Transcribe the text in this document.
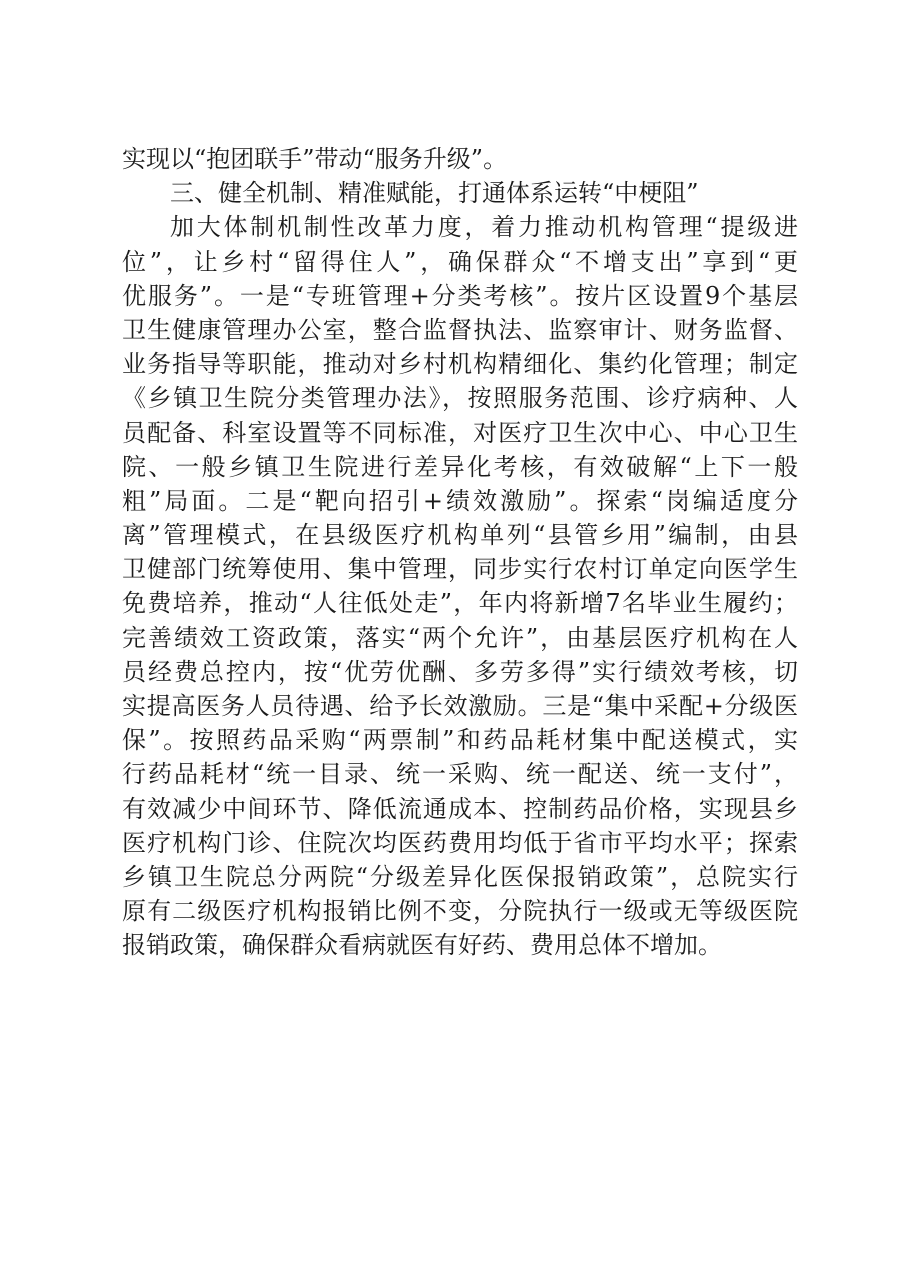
实现以“抱团联手”带动“服务升级”。
三、健全机制、精准赋能，打通体系运转“中梗阻”
加大体制机制性改革力度，着力推动机构管理“提级进
位”，让乡村“留得住人”，确保群众“不增支出”享到“更
优服务”。一是“专班管理+分类考核”。按片区设置9个基层
卫生健康管理办公室，整合监督执法、监察审计、财务监督、
业务指导等职能，推动对乡村机构精细化、集约化管理；制定
《乡镇卫生院分类管理办法》，按照服务范围、诊疗病种、人
员配备、科室设置等不同标准，对医疗卫生次中心、中心卫生
院、一般乡镇卫生院进行差异化考核，有效破解“上下一般
粗”局面。二是“靶向招引+绩效激励”。探索“岗编适度分
离”管理模式，在县级医疗机构单列“县管乡用”编制，由县
卫健部门统筹使用、集中管理，同步实行农村订单定向医学生
免费培养，推动“人往低处走”，年内将新增7名毕业生履约；
完善绩效工资政策，落实“两个允许”，由基层医疗机构在人
员经费总控内，按“优劳优酬、多劳多得”实行绩效考核，切
实提高医务人员待遇、给予长效激励。三是“集中采配+分级医
保”。按照药品采购“两票制”和药品耗材集中配送模式，实
行药品耗材“统一目录、统一采购、统一配送、统一支付”，
有效减少中间环节、降低流通成本、控制药品价格，实现县乡
医疗机构门诊、住院次均医药费用均低于省市平均水平；探索
乡镇卫生院总分两院“分级差异化医保报销政策”，总院实行
原有二级医疗机构报销比例不变，分院执行一级或无等级医院
报销政策，确保群众看病就医有好药、费用总体不增加。
